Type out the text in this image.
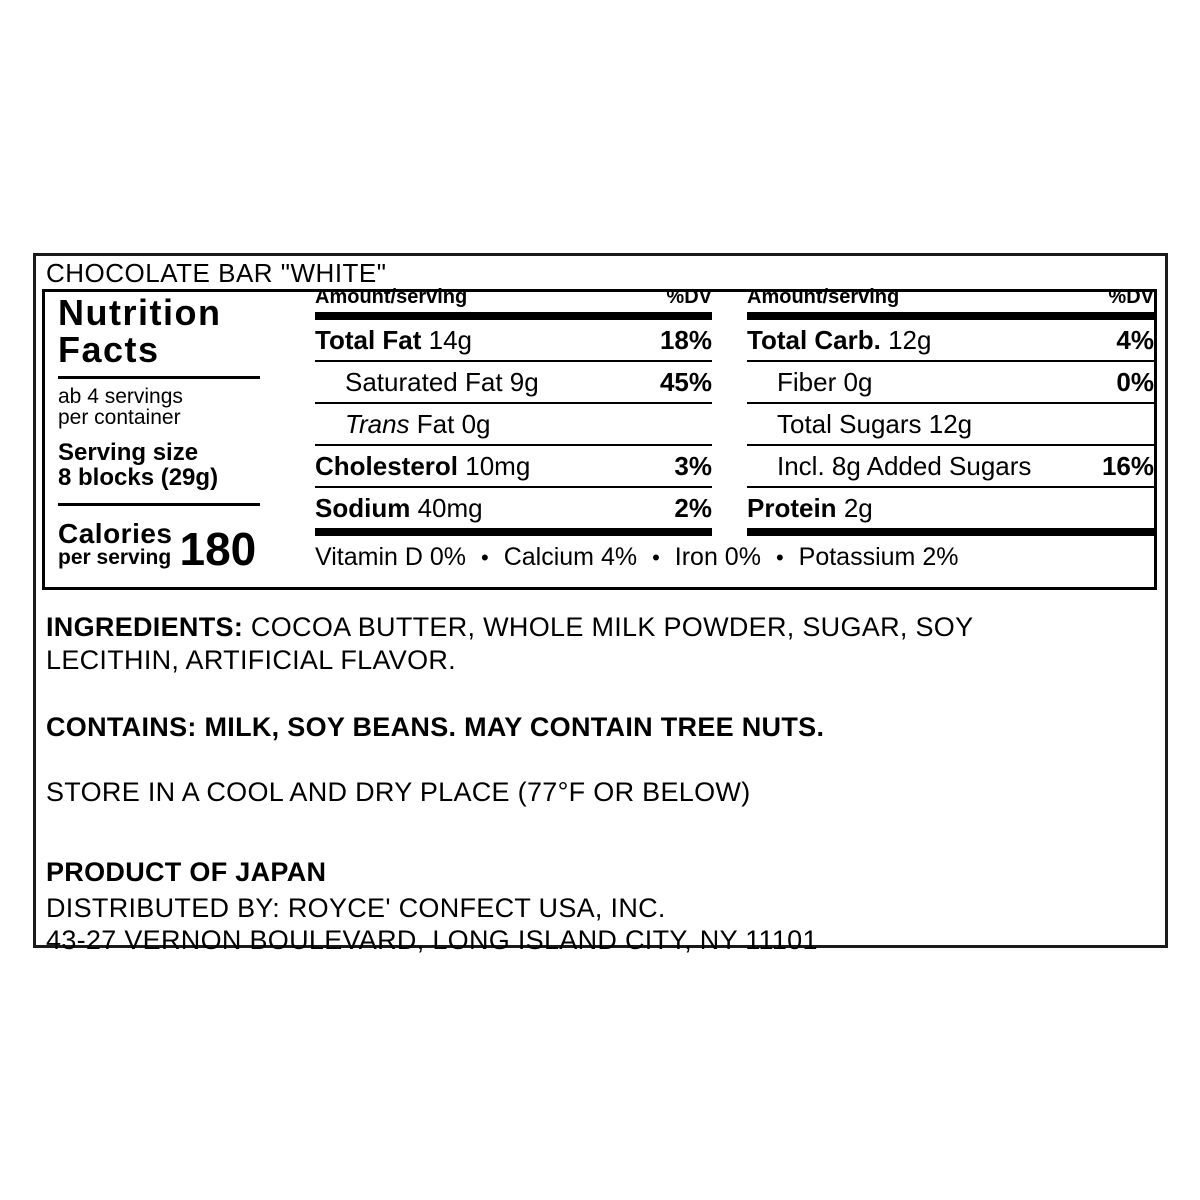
CHOCOLATE BAR "WHITE"
Nutrition
Facts
ab 4 servings
per container
Serving size
8 blocks (29g)
Calories
per serving 180
Amount/serving	%DV
Total Fat 14g	18%
Saturated Fat 9g	45%
Trans Fat 0g
Cholesterol 10mg	3%
Sodium 40mg	2%
Amount/serving	%DV
Total Carb. 12g	4%
Fiber 0g	0%
Total Sugars 12g
Incl. 8g Added Sugars	16%
Protein 2g
Vitamin D 0% • Calcium 4% • Iron 0% • Potassium 2%
INGREDIENTS: COCOA BUTTER, WHOLE MILK POWDER, SUGAR, SOY
LECITHIN, ARTIFICIAL FLAVOR.
CONTAINS: MILK, SOY BEANS. MAY CONTAIN TREE NUTS.
STORE IN A COOL AND DRY PLACE (77°F OR BELOW)
PRODUCT OF JAPAN
DISTRIBUTED BY: ROYCE' CONFECT USA, INC.
43-27 VERNON BOULEVARD, LONG ISLAND CITY, NY 11101
